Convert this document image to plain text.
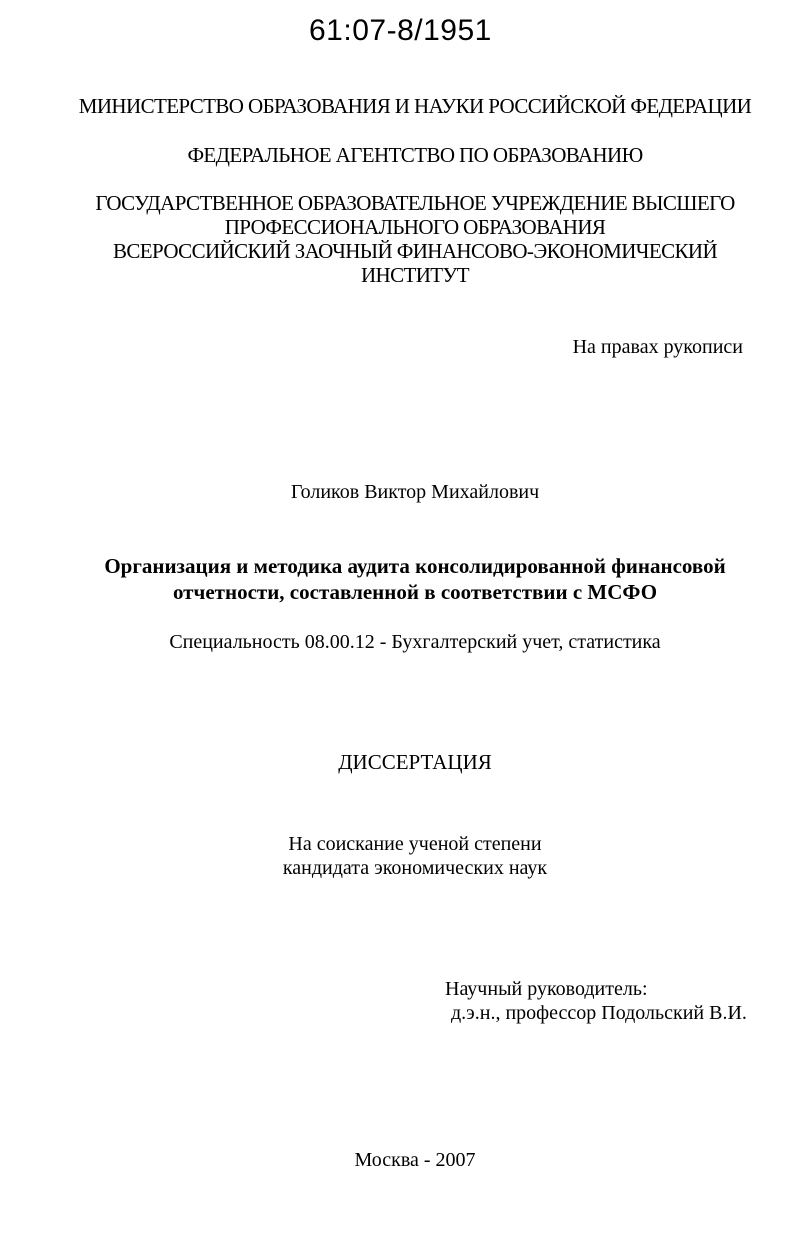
61:07-8/1951
МИНИСТЕРСТВО ОБРАЗОВАНИЯ И НАУКИ РОССИЙСКОЙ ФЕДЕРАЦИИ
ФЕДЕРАЛЬНОЕ АГЕНТСТВО ПО ОБРАЗОВАНИЮ
ГОСУДАРСТВЕННОЕ ОБРАЗОВАТЕЛЬНОЕ УЧРЕЖДЕНИЕ ВЫСШЕГО
ПРОФЕССИОНАЛЬНОГО ОБРАЗОВАНИЯ
ВСЕРОССИЙСКИЙ ЗАОЧНЫЙ ФИНАНСОВО-ЭКОНОМИЧЕСКИЙ
ИНСТИТУТ
На правах рукописи
Голиков Виктор Михайлович
Организация и методика аудита консолидированной финансовой
отчетности, составленной в соответствии с МСФО
Специальность 08.00.12 - Бухгалтерский учет, статистика
ДИССЕРТАЦИЯ
На соискание ученой степени
кандидата экономических наук
Научный руководитель:
д.э.н., профессор Подольский В.И.
Москва - 2007
